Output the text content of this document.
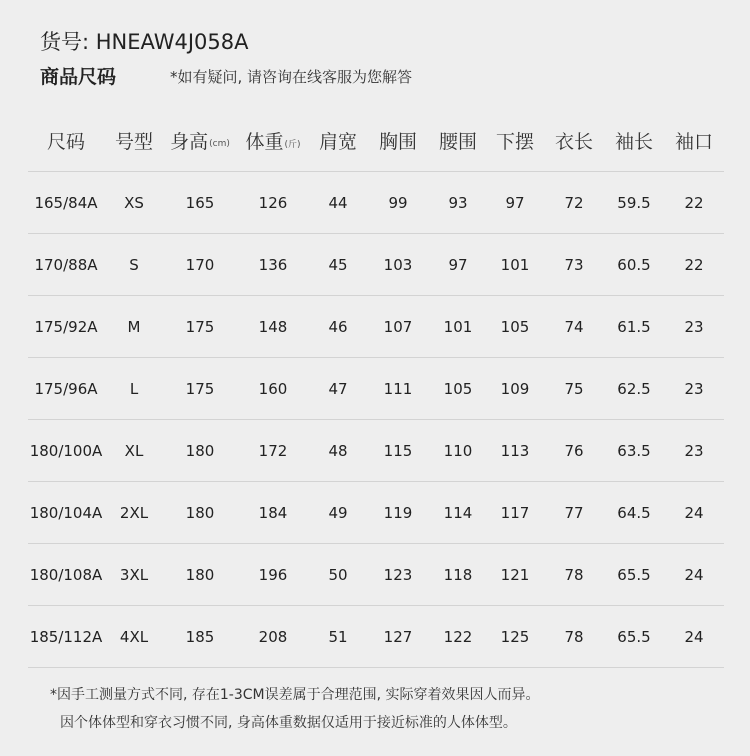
货号: HNEAW4J058A
商品尺码	*如有疑问, 请咨询在线客服为您解答
尺码 号型 身高 (cm) 体重 (斤) 肩宽 胸围 腰围 下摆 衣长 袖长 袖口
165/84A	XS	165	126	44	99	93	97	72	59.5	22
170/88A	S	170	136	45	103	97	101	73	60.5	22
175/92A	M	175	148	46	107	101	105	74	61.5	23
175/96A	L	175	160	47	111	105	109	75	62.5	23
180/100A	XL	180	172	48	115	110	113	76	63.5	23
180/104A	2XL	180	184	49	119	114	117	77	64.5	24
180/108A	3XL	180	196	50	123	118	121	78	65.5	24
185/112A	4XL	185	208	51	127	122	125	78	65.5	24
*因手工测量方式不同, 存在1-3CM误差属于合理范围, 实际穿着效果因人而异。
因个体体型和穿衣习惯不同, 身高体重数据仅适用于接近标准的人体体型。
